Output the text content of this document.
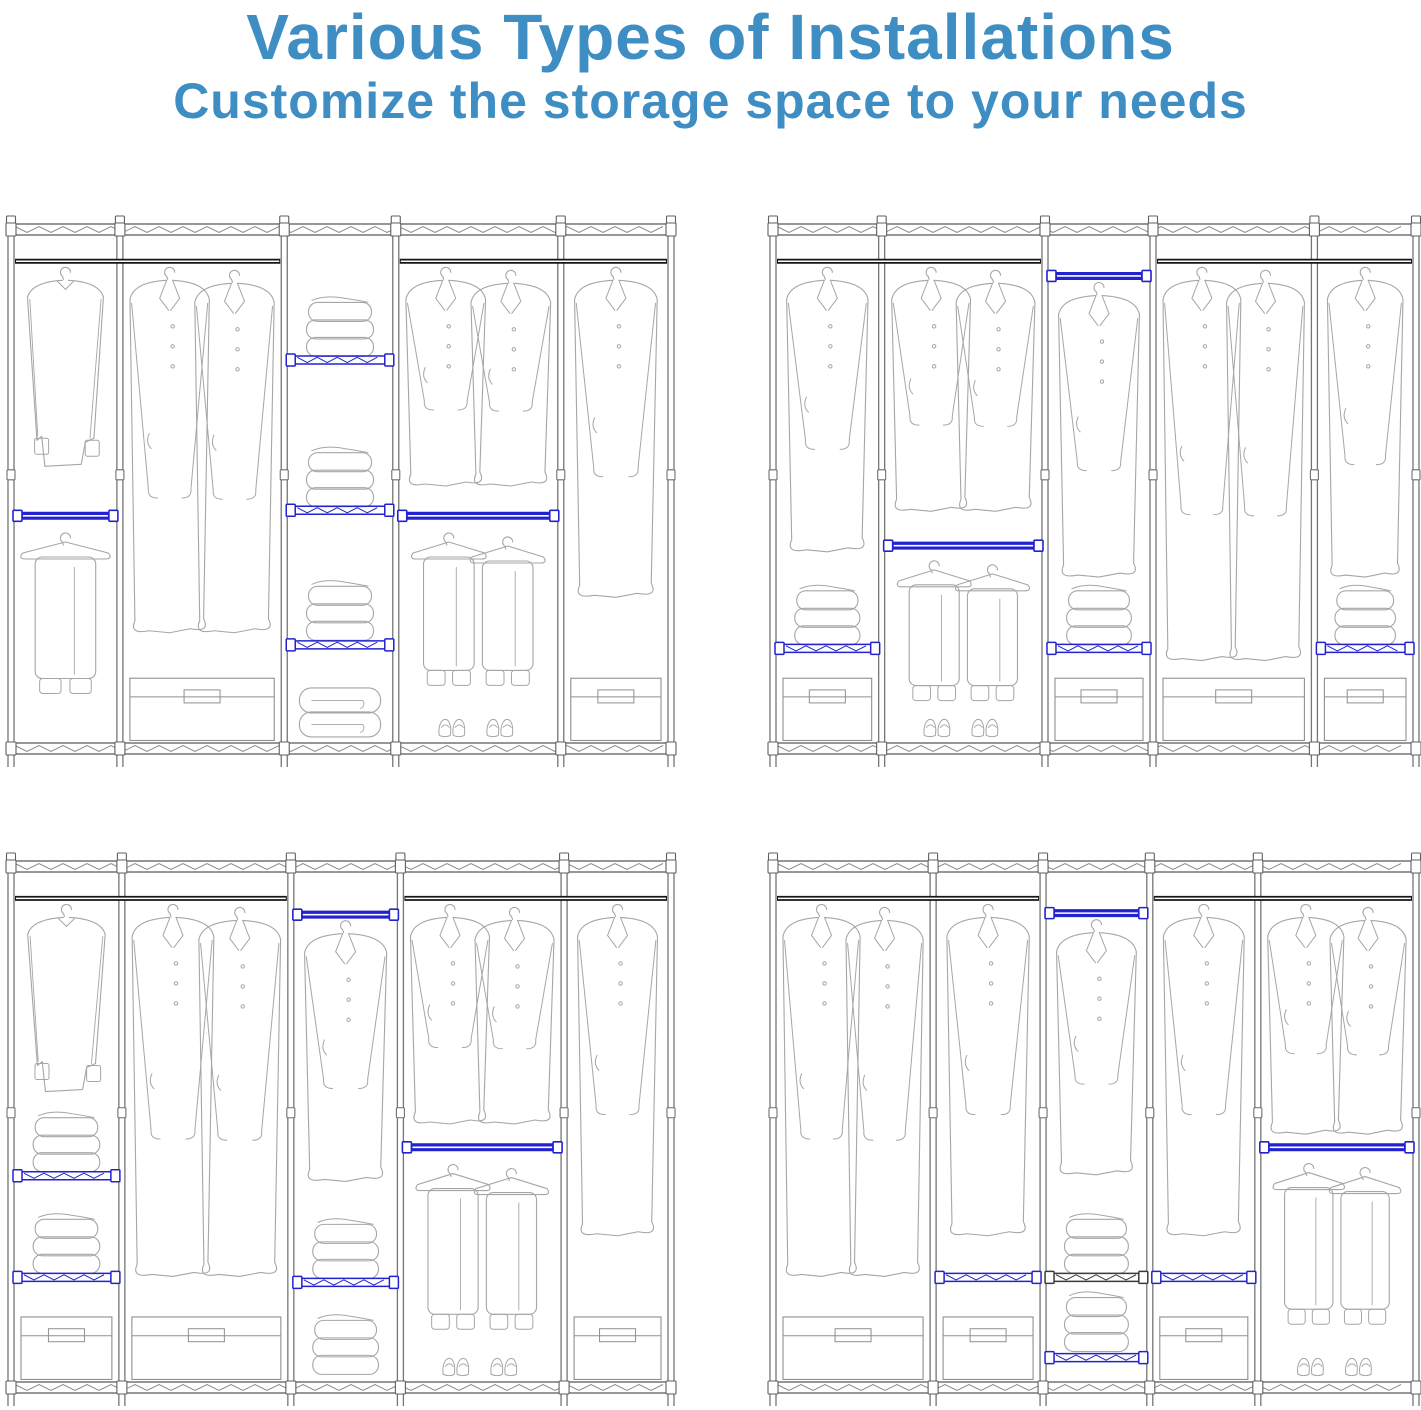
Various Types of Installations
Customize the storage space to your needs
